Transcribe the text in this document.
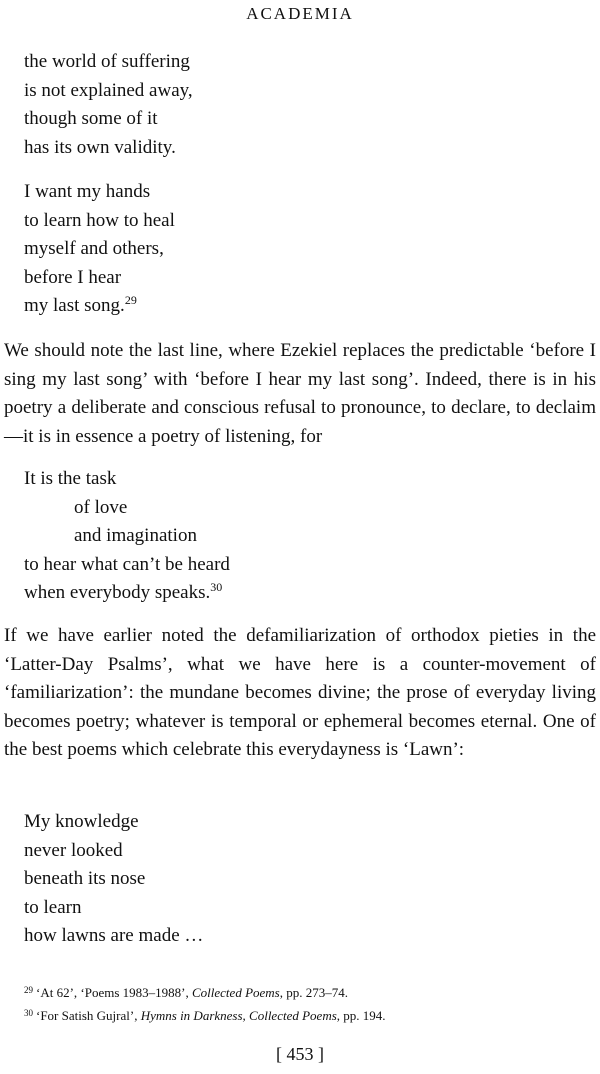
ACADEMIA
the world of suffering
is not explained away,
though some of it
has its own validity.
I want my hands
to learn how to heal
myself and others,
before I hear
my last song.$^{29}$

We should note the last line, where Ezekiel replaces the predictable ‘before I sing my last song’ with ‘before I hear my last song’. Indeed, there is in his poetry a deliberate and conscious refusal to pronounce, to declare, to declaim—it is in essence a poetry of listening, for

It is the task
of love
and imagination
to hear what can’t be heard
when everybody speaks.$^{30}$

If we have earlier noted the defamiliarization of orthodox pieties in the ‘Latter-Day Psalms’, what we have here is a counter-movement of ‘familiarization’: the mundane becomes divine; the prose of everyday living becomes poetry; whatever is temporal or ephemeral becomes eternal. One of the best poems which celebrate this everydayness is ‘Lawn’:

My knowledge
never looked
beneath its nose
to learn
how lawns are made …
$^{29}$ ‘At 62’, ‘Poems 1983–1988’, Collected Poems, pp. 273–74.
$^{30}$ ‘For Satish Gujral’, Hymns in Darkness, Collected Poems, pp. 194.
[ 453 ]
